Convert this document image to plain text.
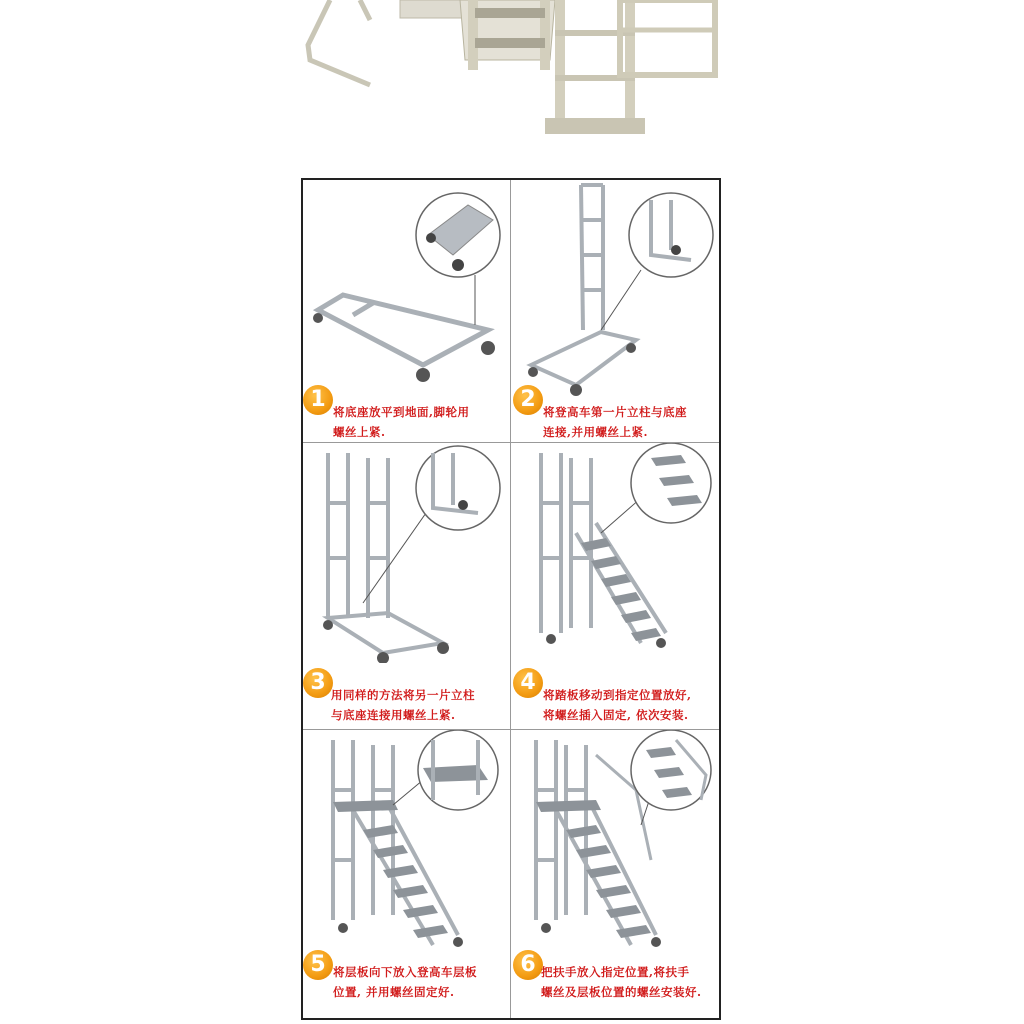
1 将底座放平到地面,脚轮用
螺丝上紧.
2 将登高车第一片立柱与底座
连接,并用螺丝上紧.
3 用同样的方法将另一片立柱
与底座连接用螺丝上紧.
4 将踏板移动到指定位置放好,
将螺丝插入固定, 依次安装.
5 将层板向下放入登高车层板
位置, 并用螺丝固定好.
6 把扶手放入指定位置,将扶手
螺丝及层板位置的螺丝安装好.
